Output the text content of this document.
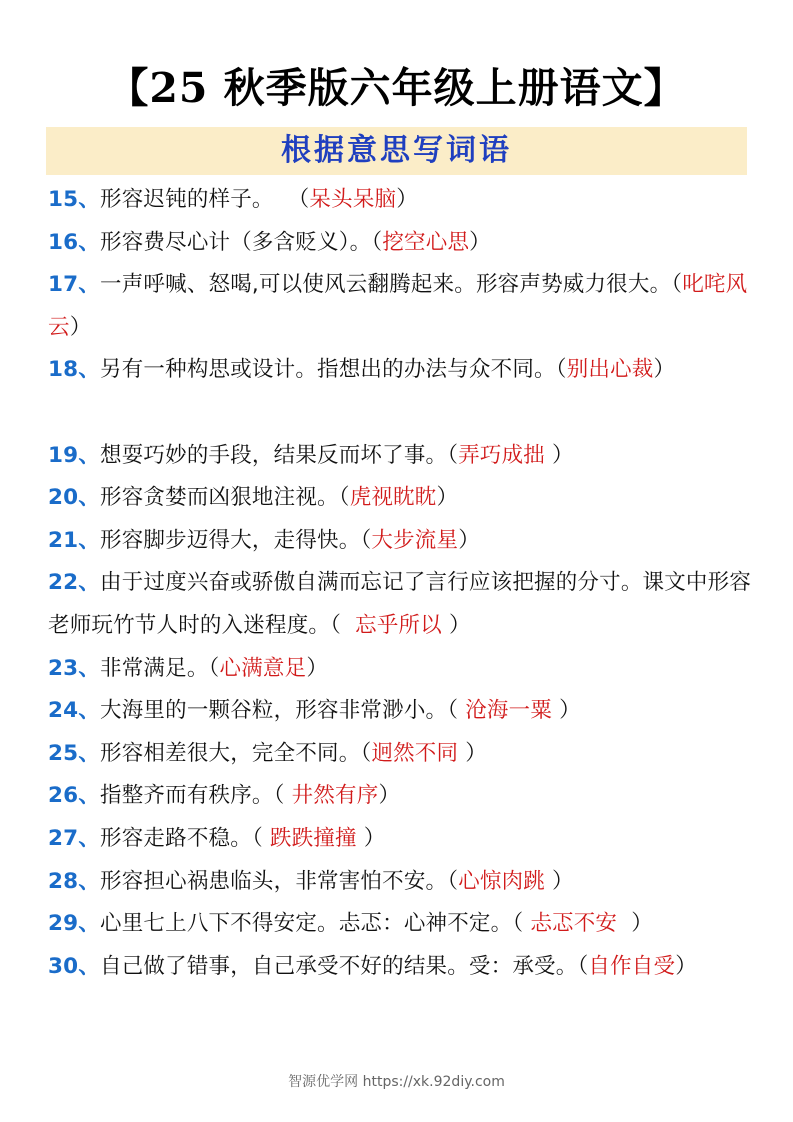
【25 秋季版六年级上册语文】
根据意思写词语
15、形容迟钝的样子。  （呆头呆脑）
16、形容费尽心计（多含贬义）。（挖空心思）
17、一声呼喊、怒喝,可以使风云翻腾起来。形容声势威力很大。（叱咤风云）
18、另有一种构思或设计。指想出的办法与众不同。（别出心裁）
19、想耍巧妙的手段，结果反而坏了事。（弄巧成拙 ）
20、形容贪婪而凶狠地注视。（虎视眈眈）
21、形容脚步迈得大，走得快。（大步流星）
22、由于过度兴奋或骄傲自满而忘记了言行应该把握的分寸。课文中形容老师玩竹节人时的入迷程度。（  忘乎所以 ）
23、非常满足。（心满意足）
24、大海里的一颗谷粒，形容非常渺小。（ 沧海一粟 ）
25、形容相差很大，完全不同。（迥然不同 ）
26、指整齐而有秩序。（ 井然有序）
27、形容走路不稳。（ 跌跌撞撞 ）
28、形容担心祸患临头，非常害怕不安。（心惊肉跳 ）
29、心里七上八下不得安定。忐忑：心神不定。（ 忐忑不安  ）
30、自己做了错事，自己承受不好的结果。受：承受。（自作自受）
智源优学网 https://xk.92diy.com
